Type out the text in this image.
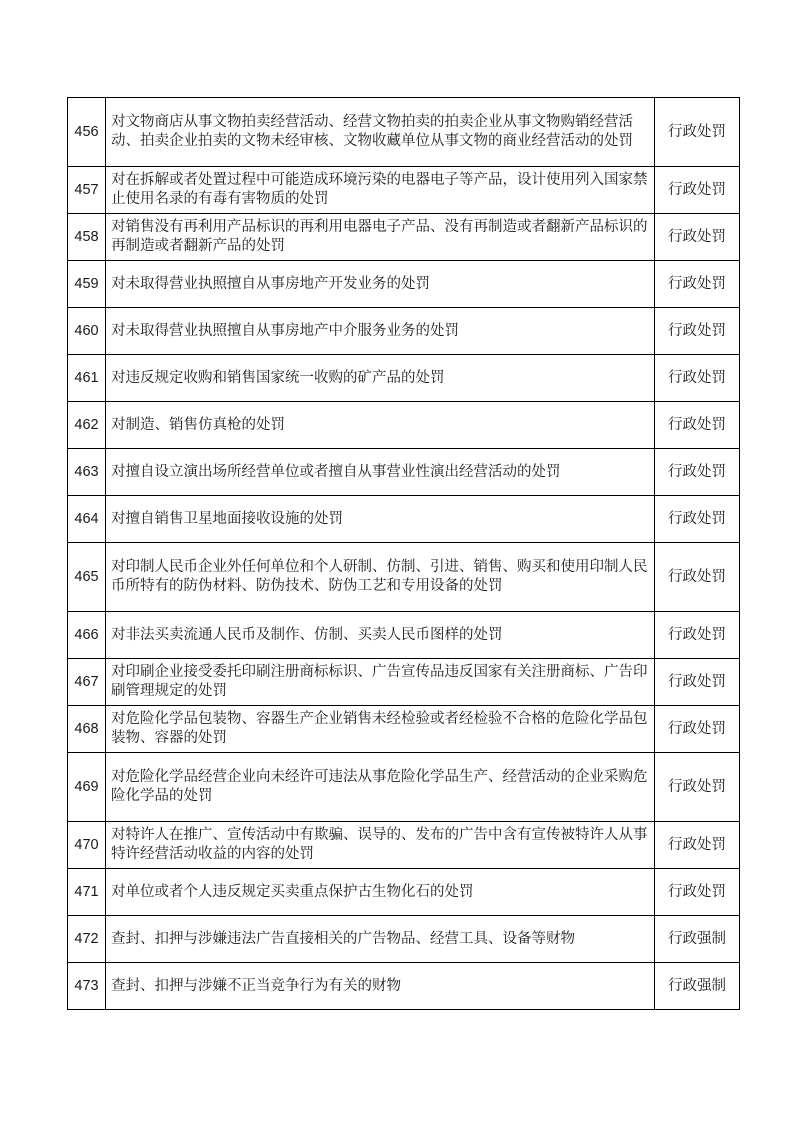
456	对文物商店从事文物拍卖经营活动、经营文物拍卖的拍卖企业从事文物购销经营活动、拍卖企业拍卖的文物未经审核、文物收藏单位从事文物的商业经营活动的处罚	行政处罚
457	对在拆解或者处置过程中可能造成环境污染的电器电子等产品，设计使用列入国家禁止使用名录的有毒有害物质的处罚	行政处罚
458	对销售没有再利用产品标识的再利用电器电子产品、没有再制造或者翻新产品标识的再制造或者翻新产品的处罚	行政处罚
459	对未取得营业执照擅自从事房地产开发业务的处罚	行政处罚
460	对未取得营业执照擅自从事房地产中介服务业务的处罚	行政处罚
461	对违反规定收购和销售国家统一收购的矿产品的处罚	行政处罚
462	对制造、销售仿真枪的处罚	行政处罚
463	对擅自设立演出场所经营单位或者擅自从事营业性演出经营活动的处罚	行政处罚
464	对擅自销售卫星地面接收设施的处罚	行政处罚
465	对印制人民币企业外任何单位和个人研制、仿制、引进、销售、购买和使用印制人民币所特有的防伪材料、防伪技术、防伪工艺和专用设备的处罚	行政处罚
466	对非法买卖流通人民币及制作、仿制、买卖人民币图样的处罚	行政处罚
467	对印刷企业接受委托印刷注册商标标识、广告宣传品违反国家有关注册商标、广告印刷管理规定的处罚	行政处罚
468	对危险化学品包装物、容器生产企业销售未经检验或者经检验不合格的危险化学品包装物、容器的处罚	行政处罚
469	对危险化学品经营企业向未经许可违法从事危险化学品生产、经营活动的企业采购危险化学品的处罚	行政处罚
470	对特许人在推广、宣传活动中有欺骗、误导的、发布的广告中含有宣传被特许人从事特许经营活动收益的内容的处罚	行政处罚
471	对单位或者个人违反规定买卖重点保护古生物化石的处罚	行政处罚
472	查封、扣押与涉嫌违法广告直接相关的广告物品、经营工具、设备等财物	行政强制
473	查封、扣押与涉嫌不正当竞争行为有关的财物	行政强制
